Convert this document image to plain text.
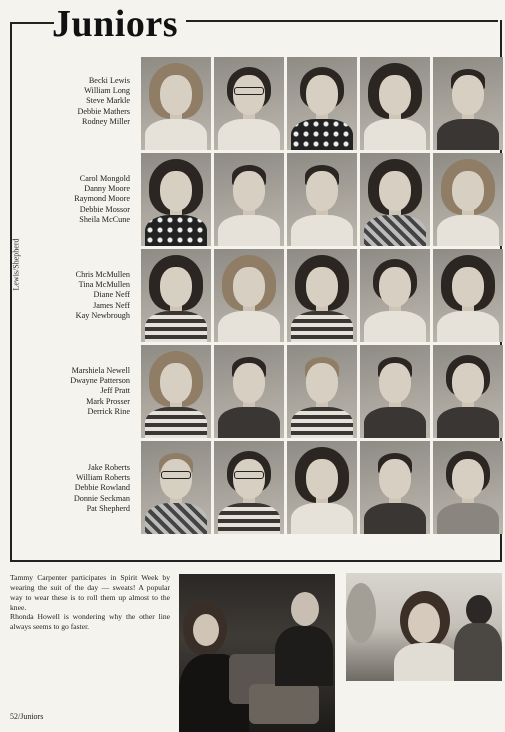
Juniors
Lewis/Shepherd
Becki Lewis
William Long
Steve Markle
Debbie Mathers
Rodney Miller
Carol Mongold
Danny Moore
Raymond Moore
Debbie Mossor
Sheila McCune
Chris McMullen
Tina McMullen
Diane Neff
James Neff
Kay Newbrough
Marshiela Newell
Dwayne Patterson
Jeff Pratt
Mark Prosser
Derrick Rine
Jake Roberts
William Roberts
Debbie Rowland
Donnie Seckman
Pat Shepherd

Tammy Carpenter participates in Spirit Week by wearing the suit of the day — sweats! A popular way to wear these is to roll them up almost to the knee.

Rhonda Howell is wondering why the other line always seems to go faster.

52/Juniors
